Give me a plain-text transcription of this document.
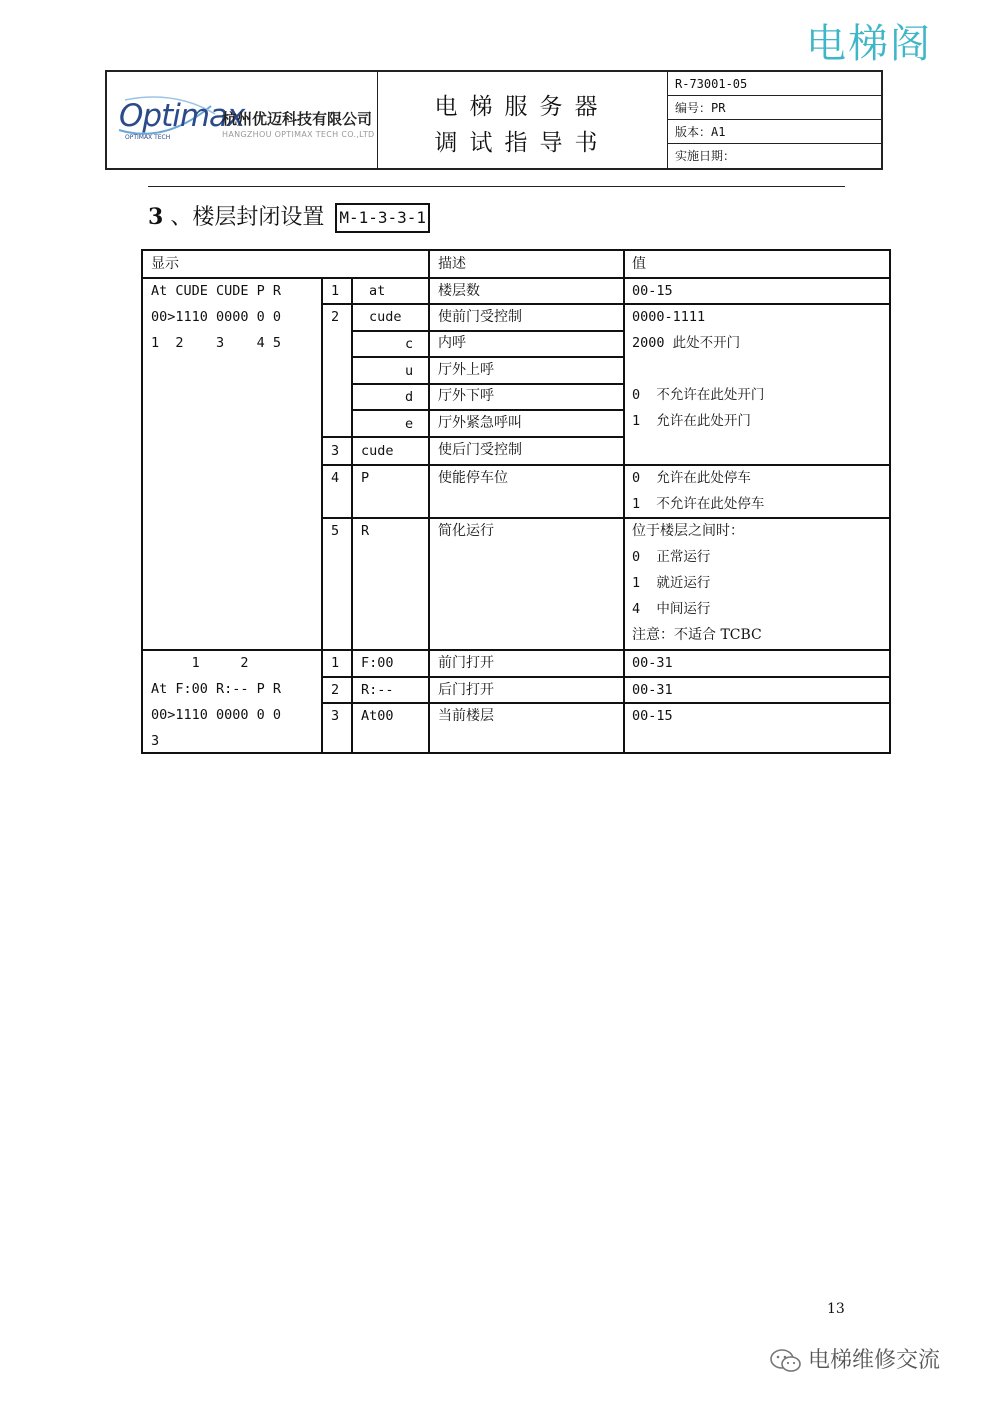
电梯阁
Optimax
OPTIMAX TECH
杭州优迈科技有限公司
HANGZHOU OPTIMAX TECH CO.,LTD
电梯服务器
调试指导书
R-73001-05
编号：PR
版本：A1
实施日期：
3 、楼层封闭设置 M-1-3-3-1
显示	描述	值
At CUDE CUDE P R
00>1110 0000 0 0
1  2    3    4 5
1 at	楼层数	00-15
2 cude	使前门受控制	0000-1111
2000 此处不开门
0  不允许在此处开门
1  允许在此处开门
c 内呼
u 厅外上呼
d 厅外下呼
e 厅外紧急呼叫
3 cude	使后门受控制
4 P	使能停车位	0  允许在此处停车
1  不允许在此处停车
5 R	简化运行	位于楼层之间时：
0  正常运行
1  就近运行
4  中间运行
注意：不适合 TCBC
1     2
At F:00 R:-- P R
00>1110 0000 0 0
3
1 F:00	前门打开	00-31
2 R:--	后门打开	00-31
3 At00	当前楼层	00-15
13
电梯维修交流
